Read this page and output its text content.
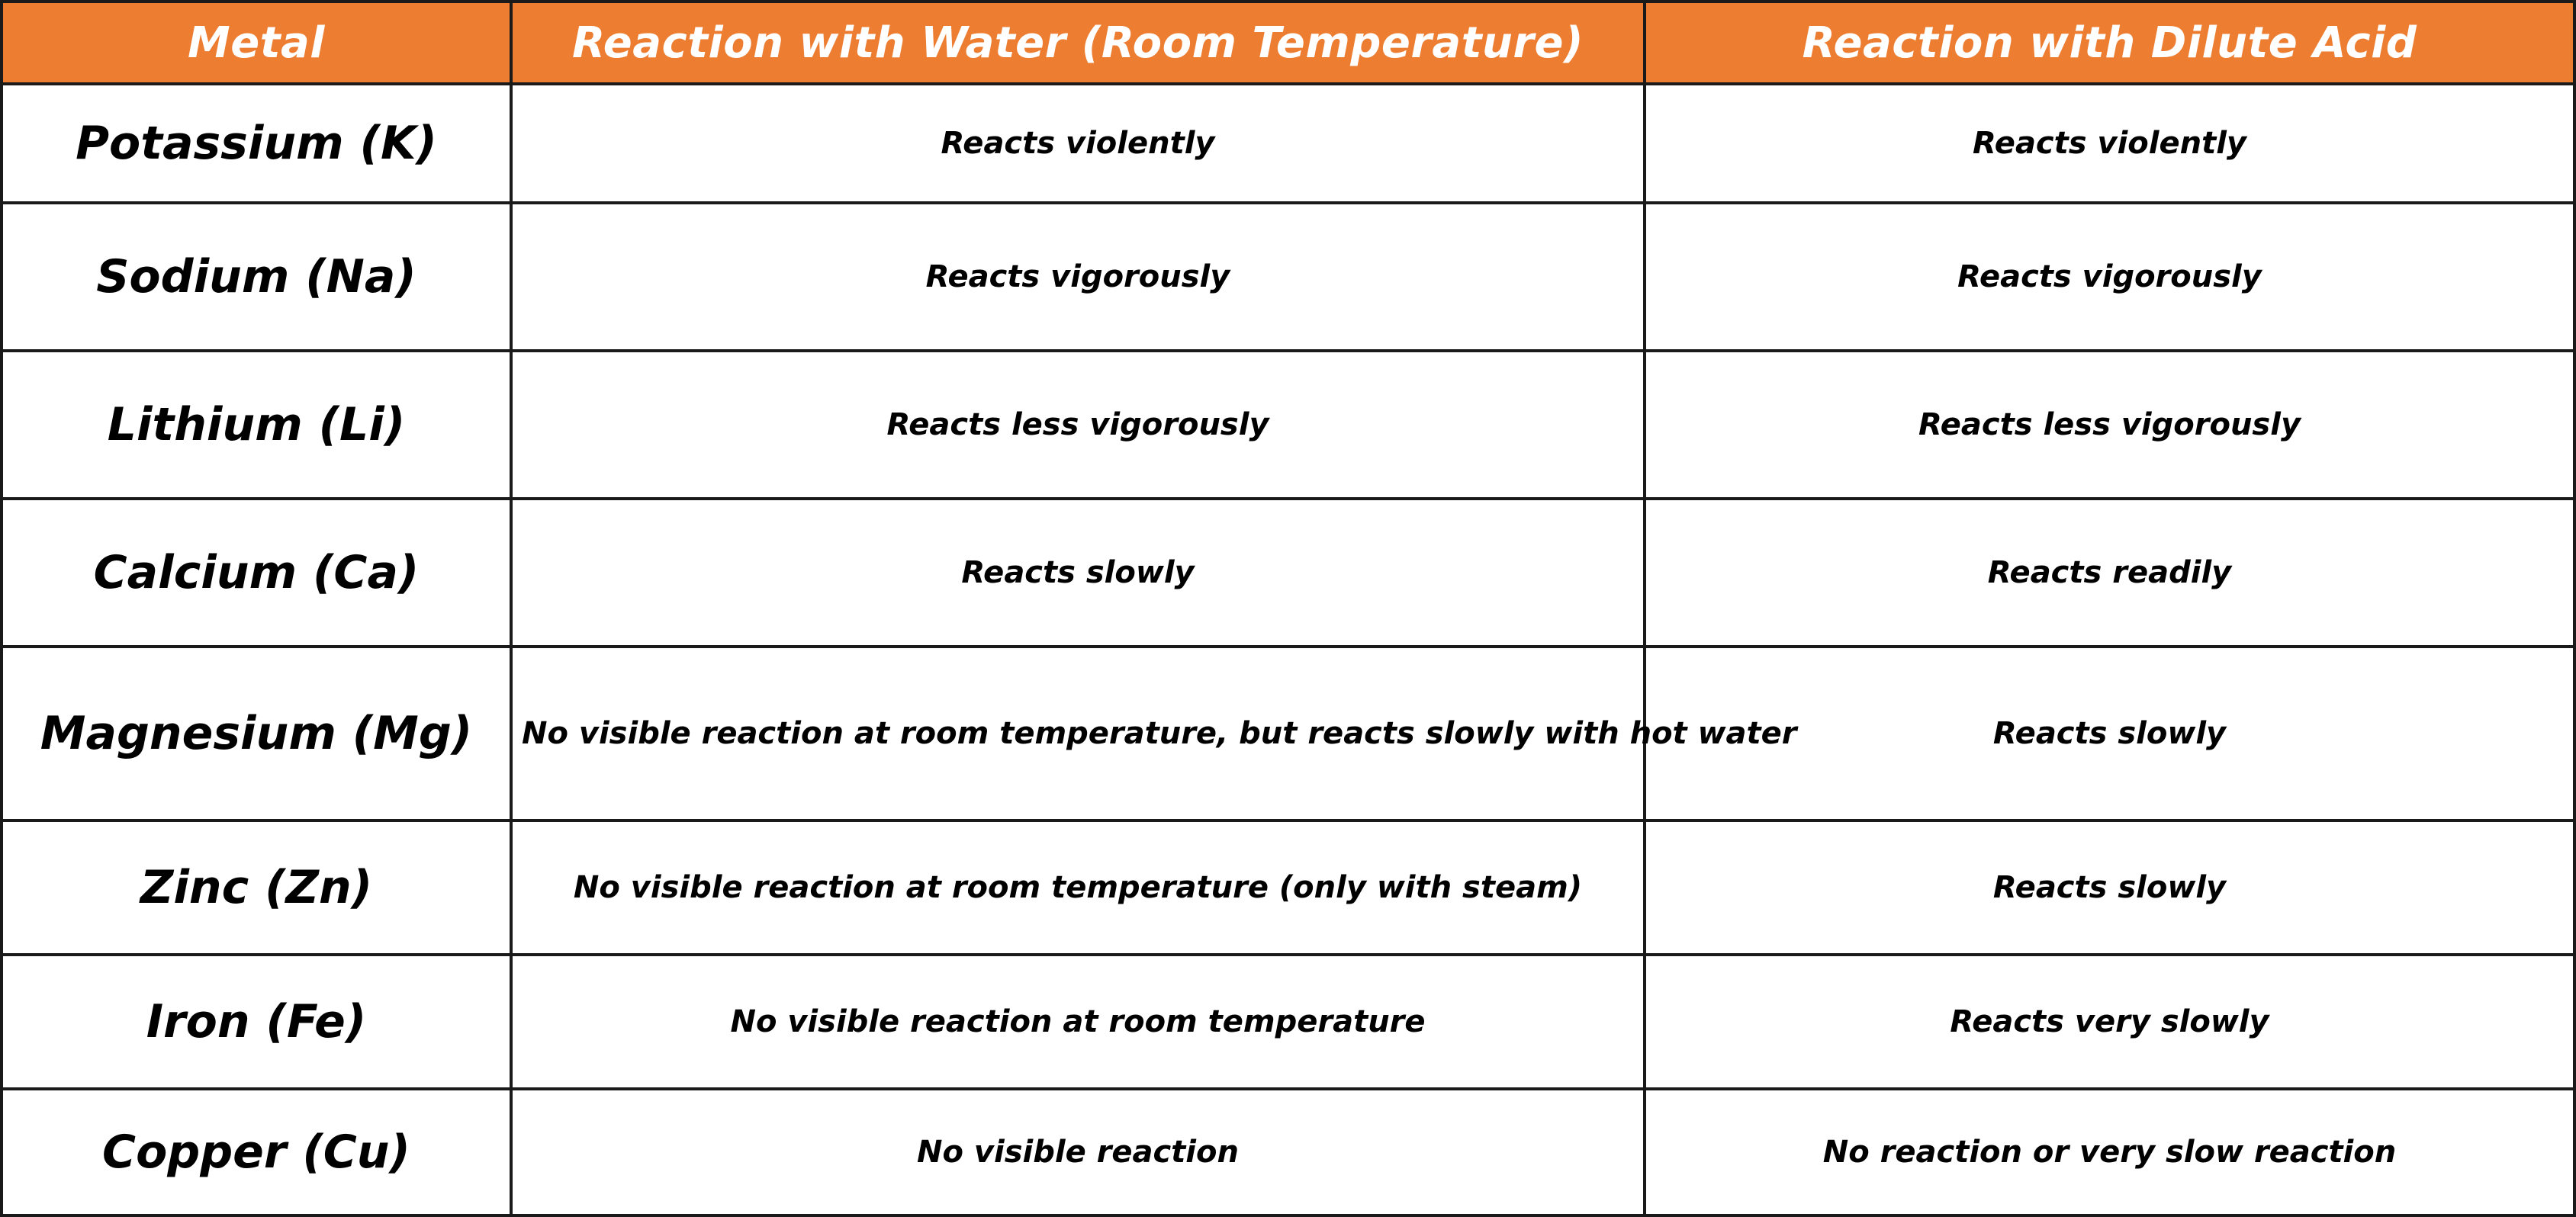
Metal	Reaction with Water (Room Temperature)	Reaction with Dilute Acid
Potassium (K)	Reacts violently	Reacts violently
Sodium (Na)	Reacts vigorously	Reacts vigorously
Lithium (Li)	Reacts less vigorously	Reacts less vigorously
Calcium (Ca)	Reacts slowly	Reacts readily
Magnesium (Mg)	No visible reaction at room temperature, but reacts slowly with hot water	Reacts slowly
Zinc (Zn)	No visible reaction at room temperature (only with steam)	Reacts slowly
Iron (Fe)	No visible reaction at room temperature	Reacts very slowly
Copper (Cu)	No visible reaction	No reaction or very slow reaction
